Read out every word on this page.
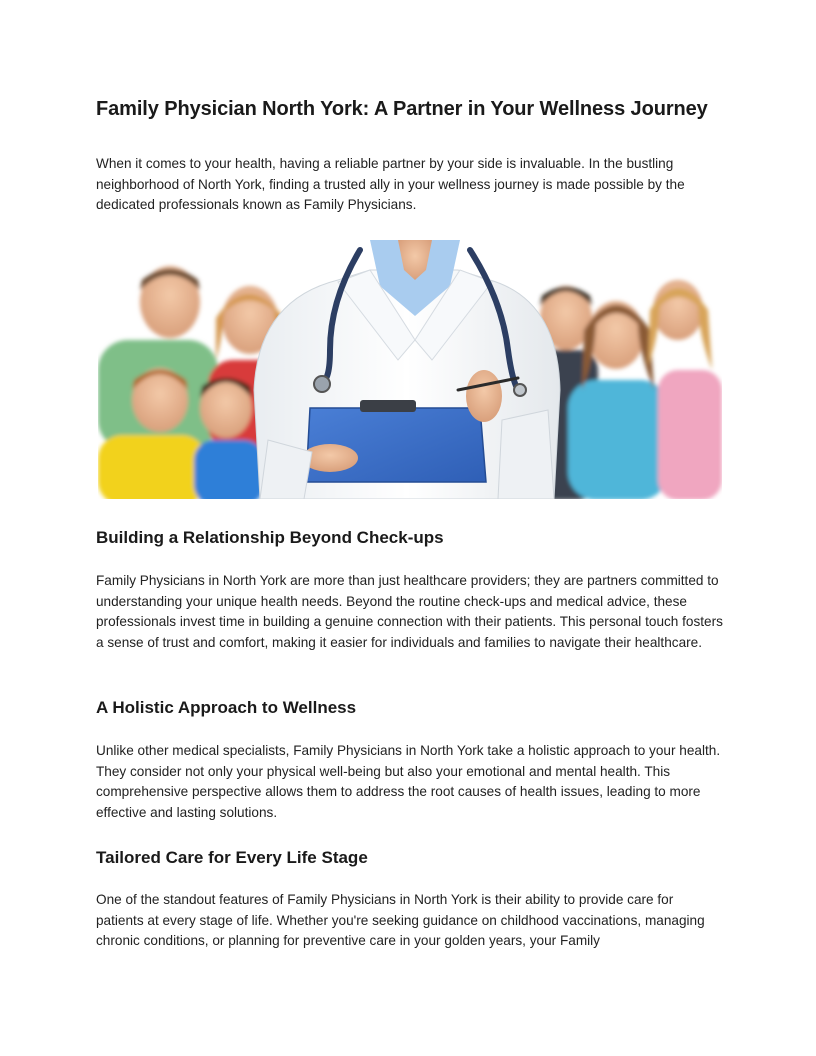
Family Physician North York: A Partner in Your Wellness Journey

When it comes to your health, having a reliable partner by your side is invaluable. In the bustling neighborhood of North York, finding a trusted ally in your wellness journey is made possible by the dedicated professionals known as Family Physicians.

Building a Relationship Beyond Check-ups

Family Physicians in North York are more than just healthcare providers; they are partners committed to understanding your unique health needs. Beyond the routine check-ups and medical advice, these professionals invest time in building a genuine connection with their patients. This personal touch fosters a sense of trust and comfort, making it easier for individuals and families to navigate their healthcare.

A Holistic Approach to Wellness

Unlike other medical specialists, Family Physicians in North York take a holistic approach to your health. They consider not only your physical well-being but also your emotional and mental health. This comprehensive perspective allows them to address the root causes of health issues, leading to more effective and lasting solutions.

Tailored Care for Every Life Stage

One of the standout features of Family Physicians in North York is their ability to provide care for patients at every stage of life. Whether you're seeking guidance on childhood vaccinations, managing chronic conditions, or planning for preventive care in your golden years, your Family
